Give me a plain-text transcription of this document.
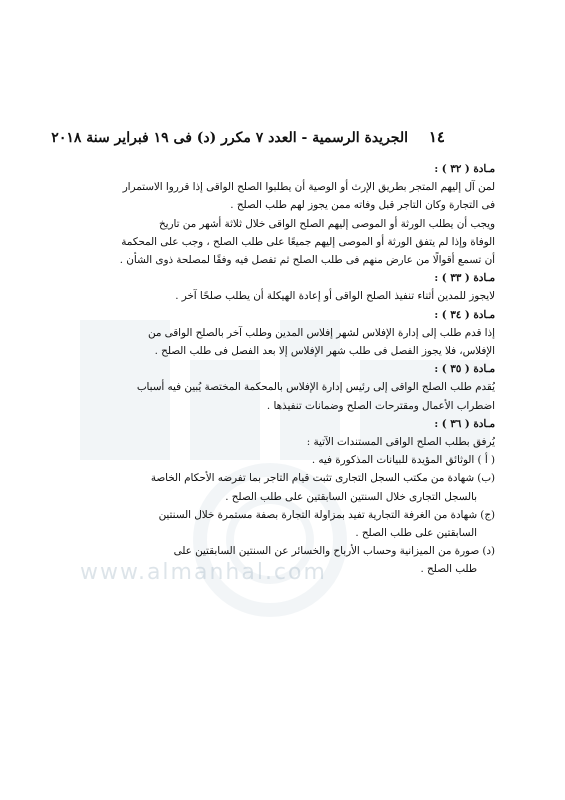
www.almanhal.com
١٤ الجريدة الرسمية - العدد ٧ مكرر (د) فى ١٩ فبراير سنة ٢٠١٨

مـادة ( ٣٢ ) :

لمن آل إليهم المتجر بطريق الإرث أو الوصية أن يطلبوا الصلح الواقى إذا قرروا الاستمرار

فى التجارة وكان التاجر قبل وفاته ممن يجوز لهم طلب الصلح .

ويجب أن يطلب الورثة أو الموصى إليهم الصلح الواقى خلال ثلاثة أشهر من تاريخ

الوفاة وإذا لم يتفق الورثة أو الموصى إليهم جميعًا على طلب الصلح ، وجب على المحكمة

أن تسمع أقوالًا من عارض منهم فى طلب الصلح ثم تفصل فيه وفقًا لمصلحة ذوى الشأن .

مـادة ( ٣٣ ) :

لايجوز للمدين أثناء تنفيذ الصلح الواقى أو إعادة الهيكلة أن يطلب صلحًا آخر .

مـادة ( ٣٤ ) :

إذا قدم طلب إلى إدارة الإفلاس لشهر إفلاس المدين وطلب آخر بالصلح الواقى من

الإفلاس، فلا يجوز الفصل فى طلب شهر الإفلاس إلا بعد الفصل فى طلب الصلح .

مـادة ( ٣٥ ) :

يُقدم طلب الصلح الواقى إلى رئيس إدارة الإفلاس بالمحكمة المختصة يُبين فيه أسباب

اضطراب الأعمال ومقترحات الصلح وضمانات تنفيذها .

مـادة ( ٣٦ ) :

يُرفق بطلب الصلح الواقى المستندات الآتية :

( أ ) الوثائق المؤيدة للبيانات المذكورة فيه .

(ب) شهادة من مكتب السجل التجارى تثبت قيام التاجر بما تفرضه الأحكام الخاصة

بالسجل التجارى خلال السنتين السابقتين على طلب الصلح .

(ج) شهادة من الغرفة التجارية تفيد بمزاولة التجارة بصفة مستمرة خلال السنتين

السابقتين على طلب الصلح .

(د) صورة من الميزانية وحساب الأرباح والخسائر عن السنتين السابقتين على

طلب الصلح .
